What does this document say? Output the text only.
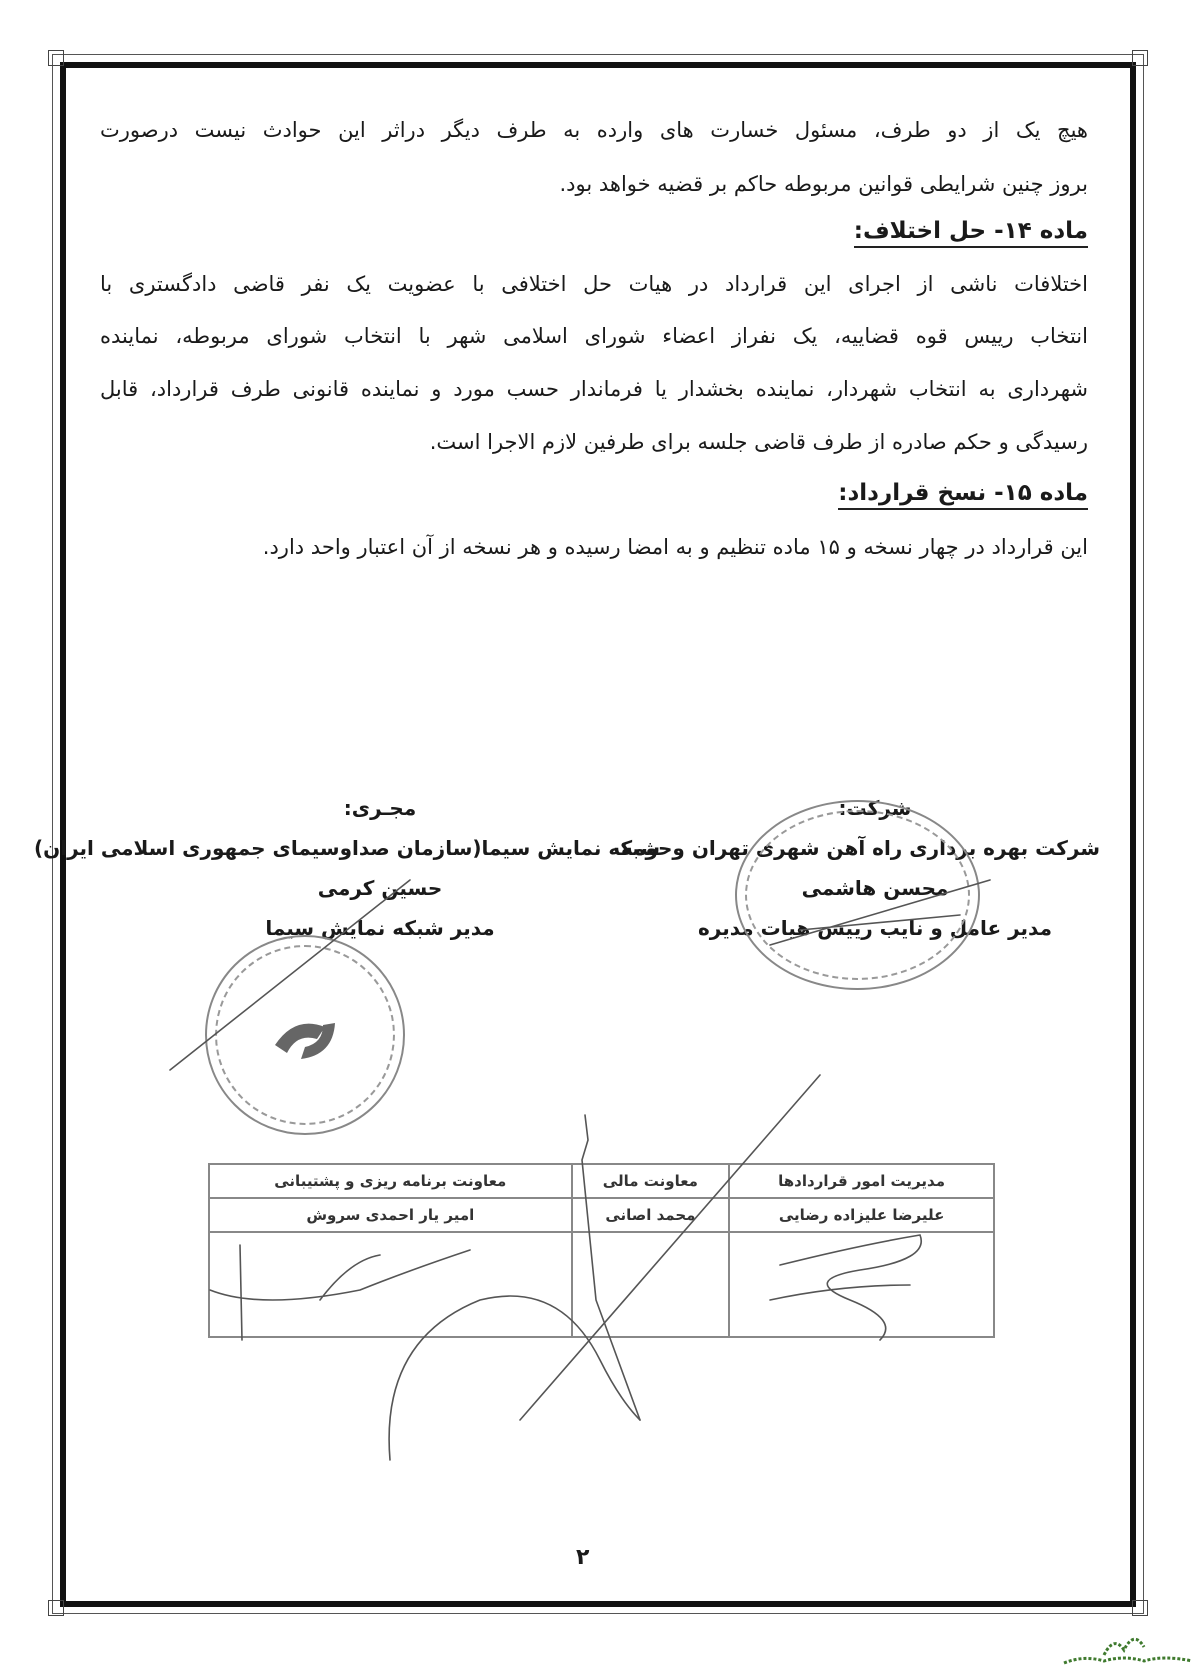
هیچ یک از دو طرف، مسئول خسارت های وارده به طرف دیگر دراثر این حوادث نیست درصورت
بروز چنین شرایطی قوانین مربوطه حاکم بر قضیه خواهد بود.
ماده ۱۴- حل اختلاف:
اختلافات ناشی از اجرای این قرارداد در هیات حل اختلافی با عضویت یک نفر قاضی دادگستری با
انتخاب رییس قوه قضاییه، یک نفراز اعضاء شورای اسلامی شهر با انتخاب شورای مربوطه، نماینده
شهرداری به انتخاب شهردار، نماینده بخشدار یا فرماندار حسب مورد و نماینده قانونی طرف قرارداد، قابل
رسیدگی و حکم صادره از طرف قاضی جلسه برای طرفین لازم الاجرا است.
ماده ۱۵- نسخ قرارداد:
این قرارداد در چهار نسخه و ۱۵ ماده تنظیم و به امضا رسیده و هر نسخه از آن اعتبار واحد دارد.
شرکت:
شرکت بهره برداری راه آهن شهری تهران وحومه
محسن هاشمی
مدیر عامل و نایب رییس هیات مدیره
مجـری:
شبکه نمایش سیما(سازمان صداوسیمای جمهوری اسلامی ایران)
حسین کرمی
مدیر شبکه نمایش سیما
مدیریت امور قراردادها	معاونت مالی	معاونت برنامه ریزی و پشتیبانی
علیرضا علیزاده رضایی	محمد اصانی	امیر یار احمدی سروش

۲
